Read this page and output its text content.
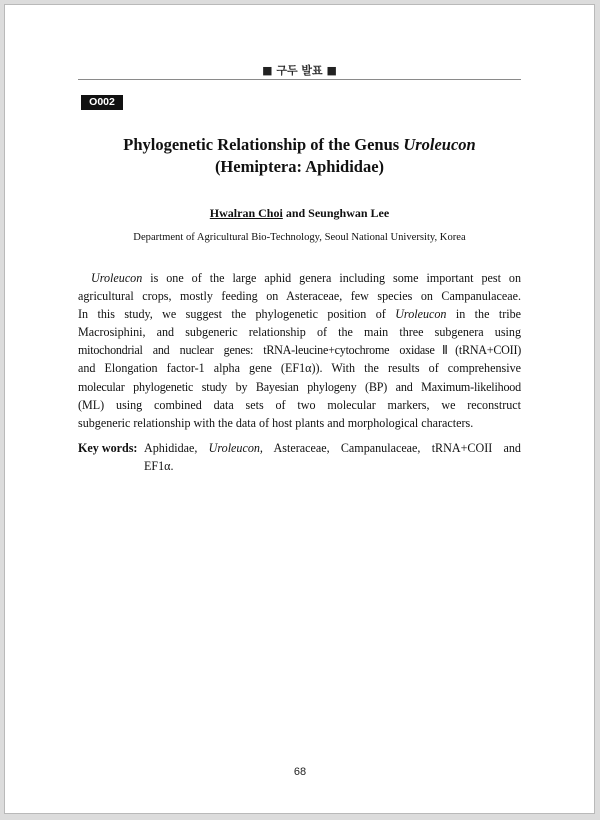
■ 구두 발표 ■
O002
Phylogenetic Relationship of the Genus Uroleucon
(Hemiptera: Aphididae)
Hwalran Choi and Seunghwan Lee
Department of Agricultural Bio-Technology, Seoul National University, Korea
Uroleucon is one of the large aphid genera including some important pest on
agricultural crops, mostly feeding on Asteraceae, few species on Campanulaceae.
In this study, we suggest the phylogenetic position of Uroleucon in the tribe
Macrosiphini, and subgeneric relationship of the main three subgenera using
mitochondrial and nuclear genes: tRNA-leucine+cytochrome oxidaseⅡ(tRNA+COII)
and Elongation factor-1 alpha gene (EF1α)). With the results of comprehensive
molecular phylogenetic study by Bayesian phylogeny (BP) and Maximum-likelihood
(ML) using combined data sets of two molecular markers, we reconstruct
subgeneric relationship with the data of host plants and morphological characters.
Key words: Aphididae, Uroleucon, Asteraceae, Campanulaceae, tRNA+COII and
EF1α.
68
